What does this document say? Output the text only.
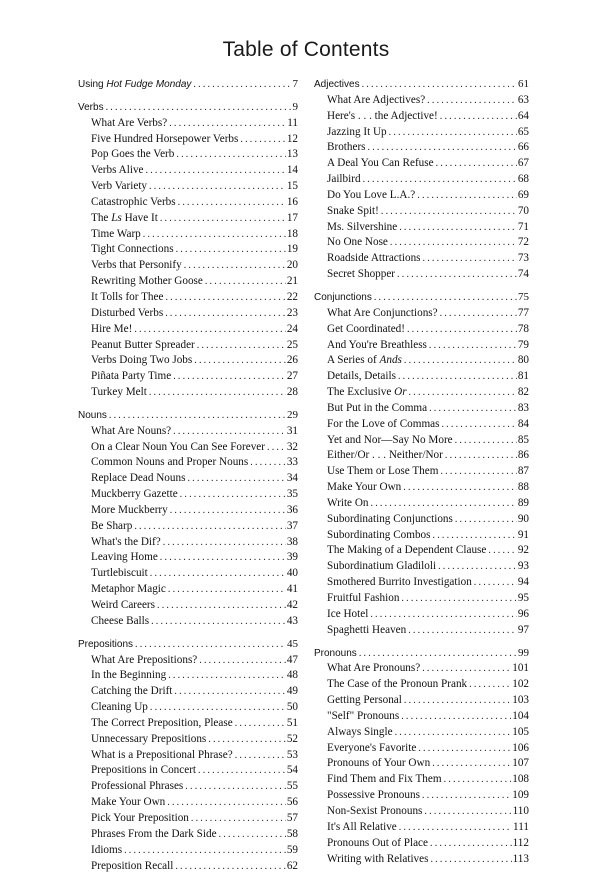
Table of Contents
Using Hot Fudge Monday .....	7
Verbs .....	9
What Are Verbs? .....	11
Five Hundred Horsepower Verbs .....	12
Pop Goes the Verb .....	13
Verbs Alive .....	14
Verb Variety .....	15
Catastrophic Verbs .....	16
The Ls Have It .....	17
Time Warp .....	18
Tight Connections .....	19
Verbs that Personify .....	20
Rewriting Mother Goose .....	21
It Tolls for Thee .....	22
Disturbed Verbs .....	23
Hire Me! .....	24
Peanut Butter Spreader .....	25
Verbs Doing Two Jobs .....	26
Piñata Party Time .....	27
Turkey Melt .....	28
Nouns .....	29
What Are Nouns? .....	31
On a Clear Noun You Can See Forever ..... 32
Common Nouns and Proper Nouns .....	33
Replace Dead Nouns .....	34
Muckberry Gazette .....	35
More Muckberry .....	36
Be Sharp .....	37
What's the Dif? .....	38
Leaving Home .....	39
Turtlebiscuit .....	40
Metaphor Magic .....	41
Weird Careers .....	42
Cheese Balls .....	43
Prepositions .....	45
What Are Prepositions? .....	47
In the Beginning .....	48
Catching the Drift .....	49
Cleaning Up .....	50
The Correct Preposition, Please .....	51
Unnecessary Prepositions .....	52
What is a Prepositional Phrase? .....	53
Prepositions in Concert .....	54
Professional Phrases .....	55
Make Your Own .....	56
Pick Your Preposition .....	57
Phrases From the Dark Side .....	58
Idioms .....	59
Preposition Recall .....	62
Adjectives .....	61
What Are Adjectives? .....	63
Here's . . . the Adjective! .....	64
Jazzing It Up .....	65
Brothers .....	66
A Deal You Can Refuse .....	67
Jailbird .....	68
Do You Love L.A.? .....	69
Snake Spit! .....	70
Ms. Silvershine .....	71
No One Nose .....	72
Roadside Attractions .....	73
Secret Shopper .....	74
Conjunctions .....	75
What Are Conjunctions? .....	77
Get Coordinated! .....	78
And You're Breathless .....	79
A Series of Ands .....	80
Details, Details .....	81
The Exclusive Or .....	82
But Put in the Comma .....	83
For the Love of Commas .....	84
Yet and Nor—Say No More .....	85
Either/Or . . . Neither/Nor .....	86
Use Them or Lose Them .....	87
Make Your Own .....	88
Write On .....	89
Subordinating Conjunctions .....	90
Subordinating Combos .....	91
The Making of a Dependent Clause .....	92
Subordinatium Gladiloli .....	93
Smothered Burrito Investigation .....	94
Fruitful Fashion .....	95
Ice Hotel .....	96
Spaghetti Heaven .....	97
Pronouns .....	99
What Are Pronouns? .....	101
The Case of the Pronoun Prank .....	102
Getting Personal .....	103
"Self" Pronouns .....	104
Always Single .....	105
Everyone's Favorite .....	106
Pronouns of Your Own .....	107
Find Them and Fix Them .....	108
Possessive Pronouns .....	109
Non-Sexist Pronouns .....	110
It's All Relative .....	111
Pronouns Out of Place .....	112
Writing with Relatives .....	113
